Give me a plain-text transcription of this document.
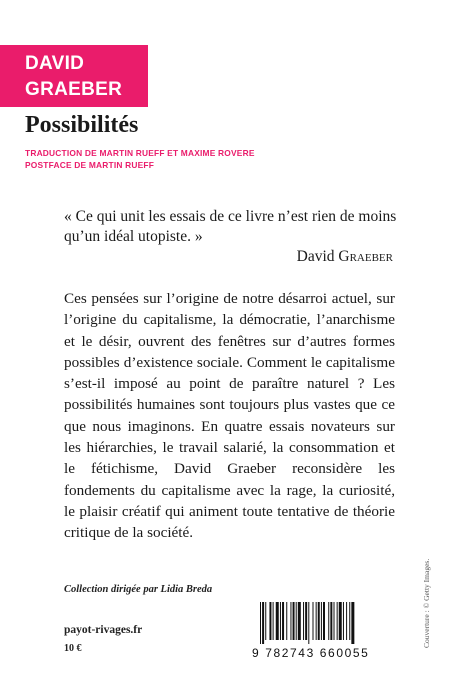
DAVID
GRAEBER
Possibilités
TRADUCTION DE MARTIN RUEFF ET MAXIME ROVERE
POSTFACE DE MARTIN RUEFF
« Ce qui unit les essais de ce livre n’est rien de moins qu’un idéal utopiste. »
David Graeber

Ces pensées sur l’origine de notre désarroi actuel, sur l’origine du capitalisme, la démocratie, l’anarchisme et le désir, ouvrent des fenêtres sur d’autres formes possibles d’existence sociale. Comment le capitalisme s’est-il imposé au point de paraître naturel ? Les possibilités humaines sont toujours plus vastes que ce que nous imaginons. En quatre essais novateurs sur les hiérarchies, le travail salarié, la consommation et le fétichisme, David Graeber reconsidère les fondements du capitalisme avec la rage, la curiosité, le plaisir créatif qui animent toute tentative de théorie critique de la société.

Collection dirigée par Lidia Breda
payot-rivages.fr
10 €	9 782743 660055
Couverture : © Getty Images.
